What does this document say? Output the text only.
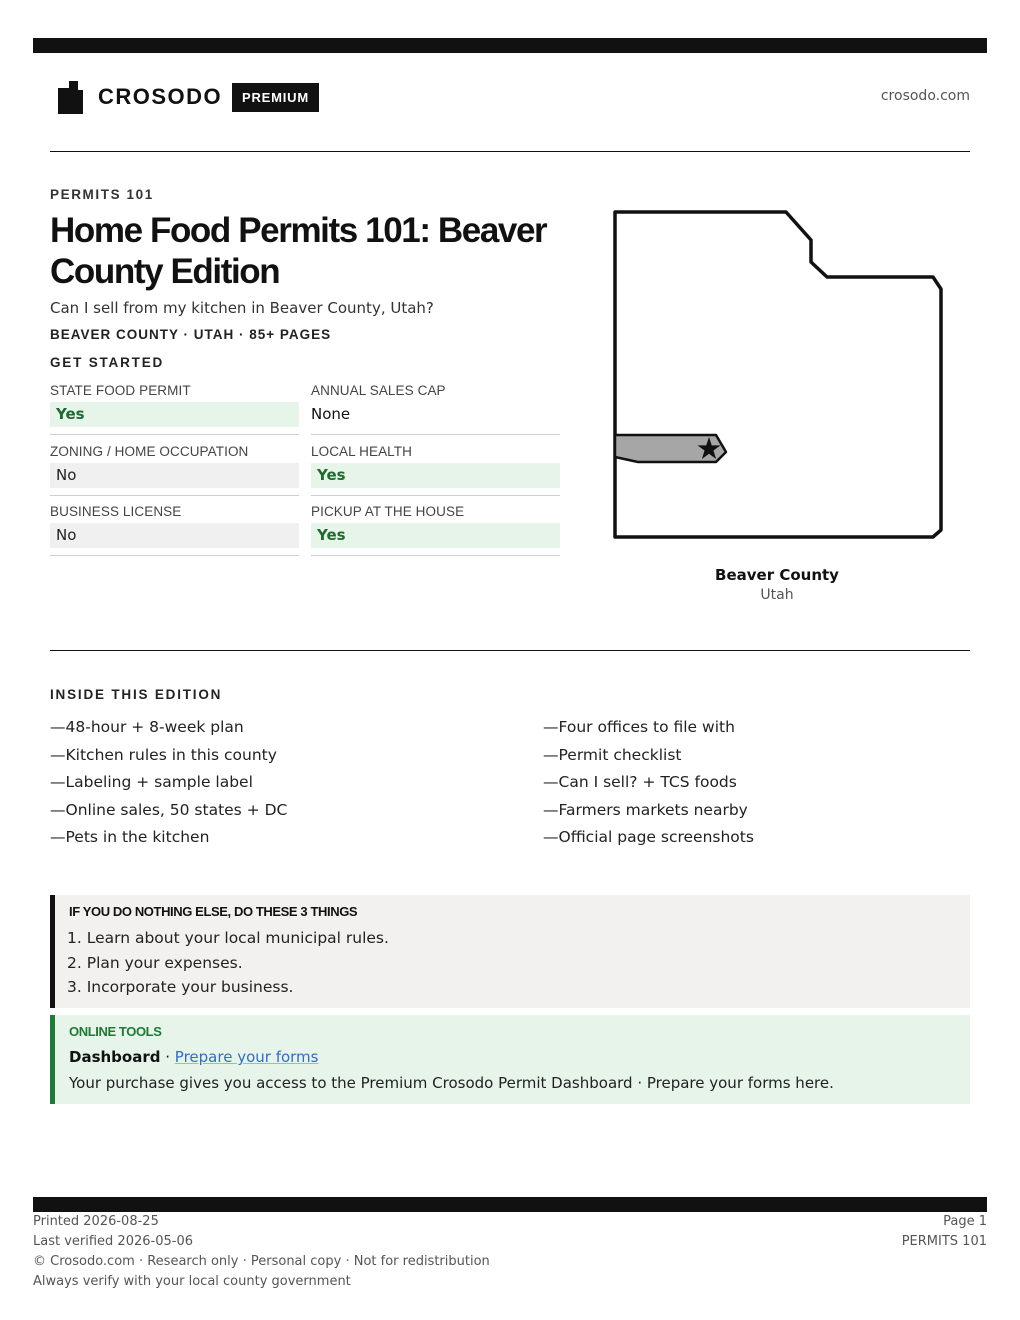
CROSODO	PREMIUM	crosodo.com
PERMITS 101
Home Food Permits 101: Beaver County Edition
Can I sell from my kitchen in Beaver County, Utah?
BEAVER COUNTY · UTAH · 85+ PAGES
GET STARTED
STATE FOOD PERMIT
Yes
ANNUAL SALES CAP
None
ZONING / HOME OCCUPATION
No
LOCAL HEALTH
Yes
BUSINESS LICENSE
No
PICKUP AT THE HOUSE
Yes
Beaver County
Utah
INSIDE THIS EDITION
—48-hour + 8-week plan
—Kitchen rules in this county
—Labeling + sample label
—Online sales, 50 states + DC
—Pets in the kitchen
—Four offices to file with
—Permit checklist
—Can I sell? + TCS foods
—Farmers markets nearby
—Official page screenshots
IF YOU DO NOTHING ELSE, DO THESE 3 THINGS
1. Learn about your local municipal rules.
2. Plan your expenses.
3. Incorporate your business.
ONLINE TOOLS
Dashboard · Prepare your forms
Your purchase gives you access to the Premium Crosodo Permit Dashboard · Prepare your forms here.
Printed 2026-08-25
Last verified 2026-05-06
© Crosodo.com · Research only · Personal copy · Not for redistribution
Always verify with your local county government
Page 1
PERMITS 101
